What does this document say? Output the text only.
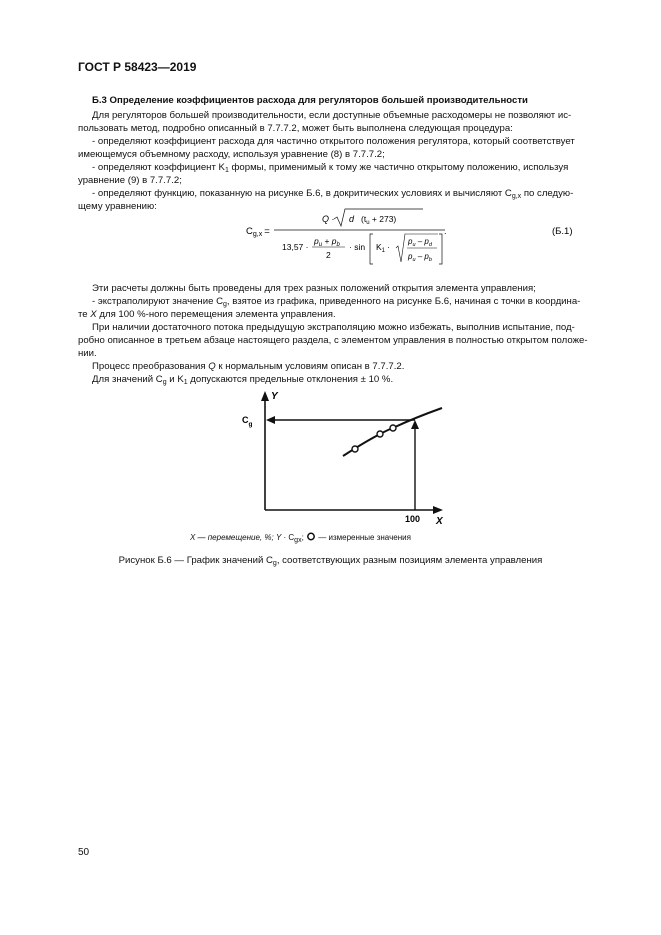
ГОСТ Р 58423—2019
Б.3 Определение коэффициентов расхода для регуляторов большей производительности
Для регуляторов большей производительности, если доступные объемные расходомеры не позволяют ис-
пользовать метод, подробно описанный в 7.7.7.2, может быть выполнена следующая процедура:
- определяют коэффициент расхода для частично открытого положения регулятора, который соответствует
имеющемуся объемному расходу, используя уравнение (8) в 7.7.7.2;
- определяют коэффициент $K_1$ формы, применимый к тому же частично открытому положению, используя
уравнение (9) в 7.7.7.2;
- определяют функцию, показанную на рисунке Б.6, в докритических условиях и вычисляют $C_{g,x}$ по следую-
щему уравнению:
$C_{g,x}$ =
Q · d $(t_u + 273)$
13,57 ·
$p_u + p_b$
2
· $\sin K_1$ ·
$p_u - p_d$
$p_u - p_b$
.	(Б.1)
Эти расчеты должны быть проведены для трех разных положений открытия элемента управления;
- экстраполируют значение $C_g$, взятое из графика, приведенного на рисунке Б.6, начиная с точки в координа-
те X для 100 %-ного перемещения элемента управления.
При наличии достаточного потока предыдущую экстраполяцию можно избежать, выполнив испытание, под-
робно описанное в третьем абзаце настоящего раздела, с элементом управления в полностью открытом положе-
нии.
Процесс преобразования Q к нормальным условиям описан в 7.7.7.2.
Для значений $C_g$ и $K_1$ допускаются предельные отклонения ± 10 %.
Y
X
$C_g$
100
X — перемещение, %; $Y \cdot C_{gx}$;  — измеренные значения
Рисунок Б.6 — График значений $C_g$, соответствующих разным позициям элемента управления
50
